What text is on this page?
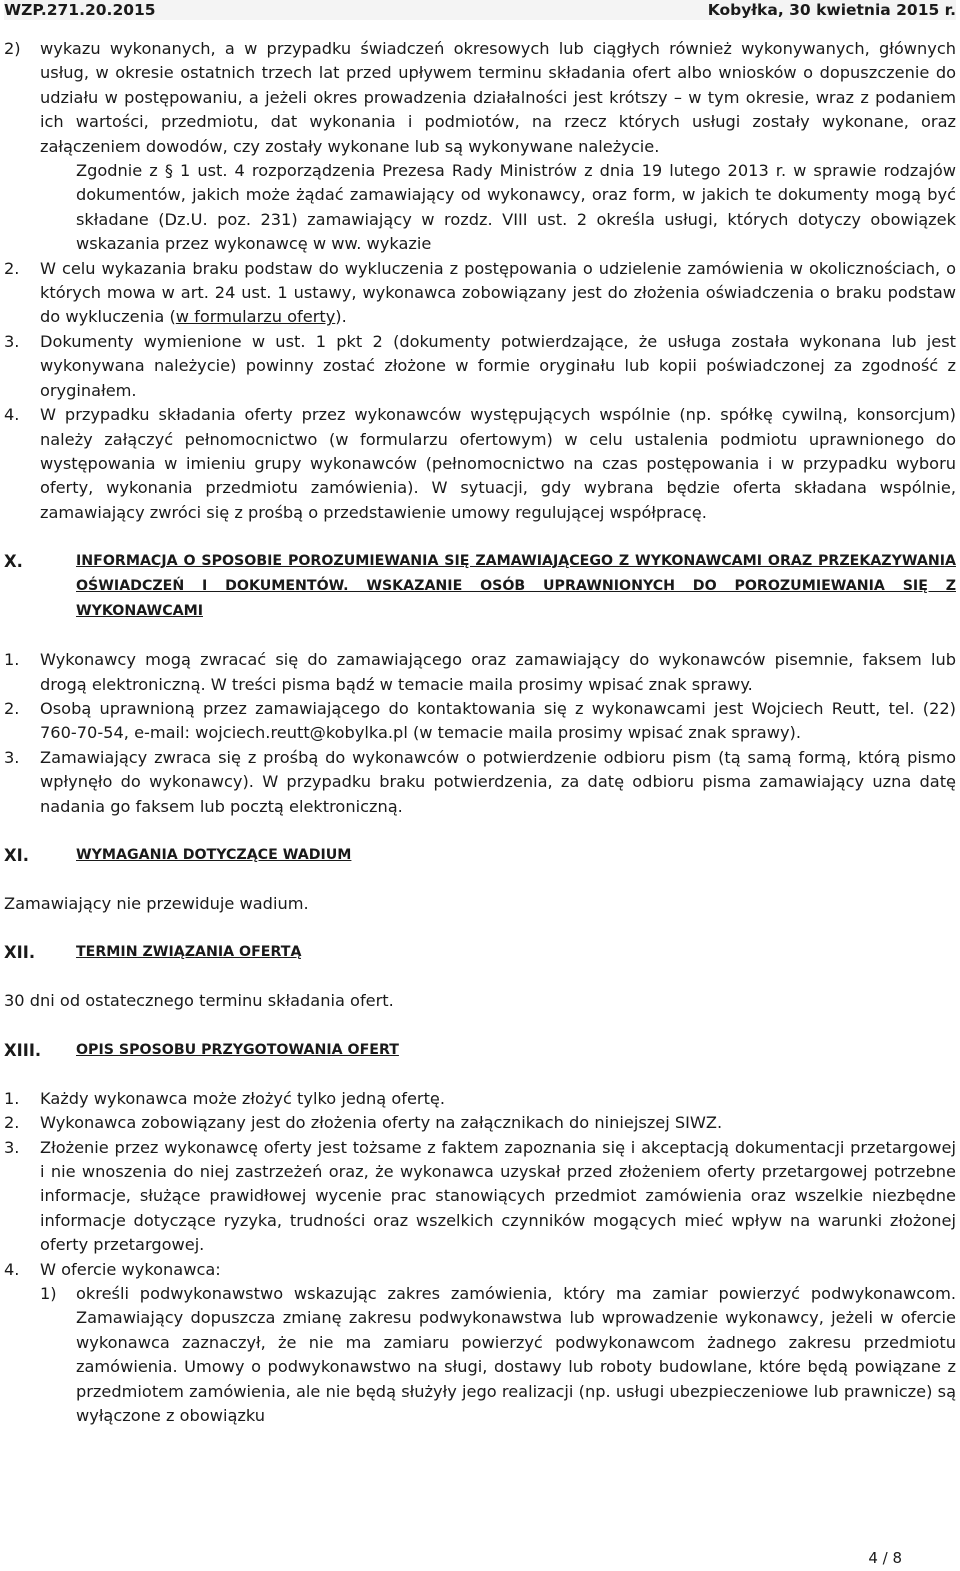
WZP.271.20.2015	Kobyłka, 30 kwietnia 2015 r.
2) wykazu wykonanych, a w przypadku świadczeń okresowych lub ciągłych również wykonywanych, głównych usług, w okresie ostatnich trzech lat przed upływem terminu składania ofert albo wniosków o dopuszczenie do udziału w postępowaniu, a jeżeli okres prowadzenia działalności jest krótszy – w tym okresie, wraz z podaniem ich wartości, przedmiotu, dat wykonania i podmiotów, na rzecz których usługi zostały wykonane, oraz załączeniem dowodów, czy zostały wykonane lub są wykonywane należycie.
Zgodnie z § 1 ust. 4 rozporządzenia Prezesa Rady Ministrów z dnia 19 lutego 2013 r. w sprawie rodzajów dokumentów, jakich może żądać zamawiający od wykonawcy, oraz form, w jakich te dokumenty mogą być składane (Dz.U. poz. 231) zamawiający w rozdz. VIII ust. 2 określa usługi, których dotyczy obowiązek wskazania przez wykonawcę w ww. wykazie
2. W celu wykazania braku podstaw do wykluczenia z postępowania o udzielenie zamówienia w okolicznościach, o których mowa w art. 24 ust. 1 ustawy, wykonawca zobowiązany jest do złożenia oświadczenia o braku podstaw do wykluczenia (w formularzu oferty).
3. Dokumenty wymienione w ust. 1 pkt 2 (dokumenty potwierdzające, że usługa została wykonana lub jest wykonywana należycie) powinny zostać złożone w formie oryginału lub kopii poświadczonej za zgodność z oryginałem.
4. W przypadku składania oferty przez wykonawców występujących wspólnie (np. spółkę cywilną, konsorcjum) należy załączyć pełnomocnictwo (w formularzu ofertowym) w celu ustalenia podmiotu uprawnionego do występowania w imieniu grupy wykonawców (pełnomocnictwo na czas postępowania i w przypadku wyboru oferty, wykonania przedmiotu zamówienia). W sytuacji, gdy wybrana będzie oferta składana wspólnie, zamawiający zwróci się z prośbą o przedstawienie umowy regulującej współpracę.
X.	INFORMACJA O SPOSOBIE POROZUMIEWANIA SIĘ ZAMAWIAJĄCEGO Z WYKONAWCAMI ORAZ PRZEKAZYWANIA OŚWIADCZEŃ I DOKUMENTÓW. WSKAZANIE OSÓB UPRAWNIONYCH DO POROZUMIEWANIA SIĘ Z WYKONAWCAMI
1. Wykonawcy mogą zwracać się do zamawiającego oraz zamawiający do wykonawców pisemnie, faksem lub drogą elektroniczną. W treści pisma bądź w temacie maila prosimy wpisać znak sprawy.
2. Osobą uprawnioną przez zamawiającego do kontaktowania się z wykonawcami jest Wojciech Reutt, tel. (22) 760-70-54, e-mail: wojciech.reutt@kobylka.pl (w temacie maila prosimy wpisać znak sprawy).
3. Zamawiający zwraca się z prośbą do wykonawców o potwierdzenie odbioru pism (tą samą formą, którą pismo wpłynęło do wykonawcy). W przypadku braku potwierdzenia, za datę odbioru pisma zamawiający uzna datę nadania go faksem lub pocztą elektroniczną.
XI.	WYMAGANIA DOTYCZĄCE WADIUM
Zamawiający nie przewiduje wadium.
XII.	TERMIN ZWIĄZANIA OFERTĄ
30 dni od ostatecznego terminu składania ofert.
XIII. OPIS SPOSOBU PRZYGOTOWANIA OFERT
1. Każdy wykonawca może złożyć tylko jedną ofertę.
2. Wykonawca zobowiązany jest do złożenia oferty na załącznikach do niniejszej SIWZ.
3. Złożenie przez wykonawcę oferty jest tożsame z faktem zapoznania się i akceptacją dokumentacji przetargowej i nie wnoszenia do niej zastrzeżeń oraz, że wykonawca uzyskał przed złożeniem oferty przetargowej potrzebne informacje, służące prawidłowej wycenie prac stanowiących przedmiot zamówienia oraz wszelkie niezbędne informacje dotyczące ryzyka, trudności oraz wszelkich czynników mogących mieć wpływ na warunki złożonej oferty przetargowej.
4. W ofercie wykonawca:
1) określi podwykonawstwo wskazując zakres zamówienia, który ma zamiar powierzyć podwykonawcom. Zamawiający dopuszcza zmianę zakresu podwykonawstwa lub wprowadzenie wykonawcy, jeżeli w ofercie wykonawca zaznaczył, że nie ma zamiaru powierzyć podwykonawcom żadnego zakresu przedmiotu zamówienia. Umowy o podwykonawstwo na sługi, dostawy lub roboty budowlane, które będą powiązane z przedmiotem zamówienia, ale nie będą służyły jego realizacji (np. usługi ubezpieczeniowe lub prawnicze) są wyłączone z obowiązku
4 / 8
